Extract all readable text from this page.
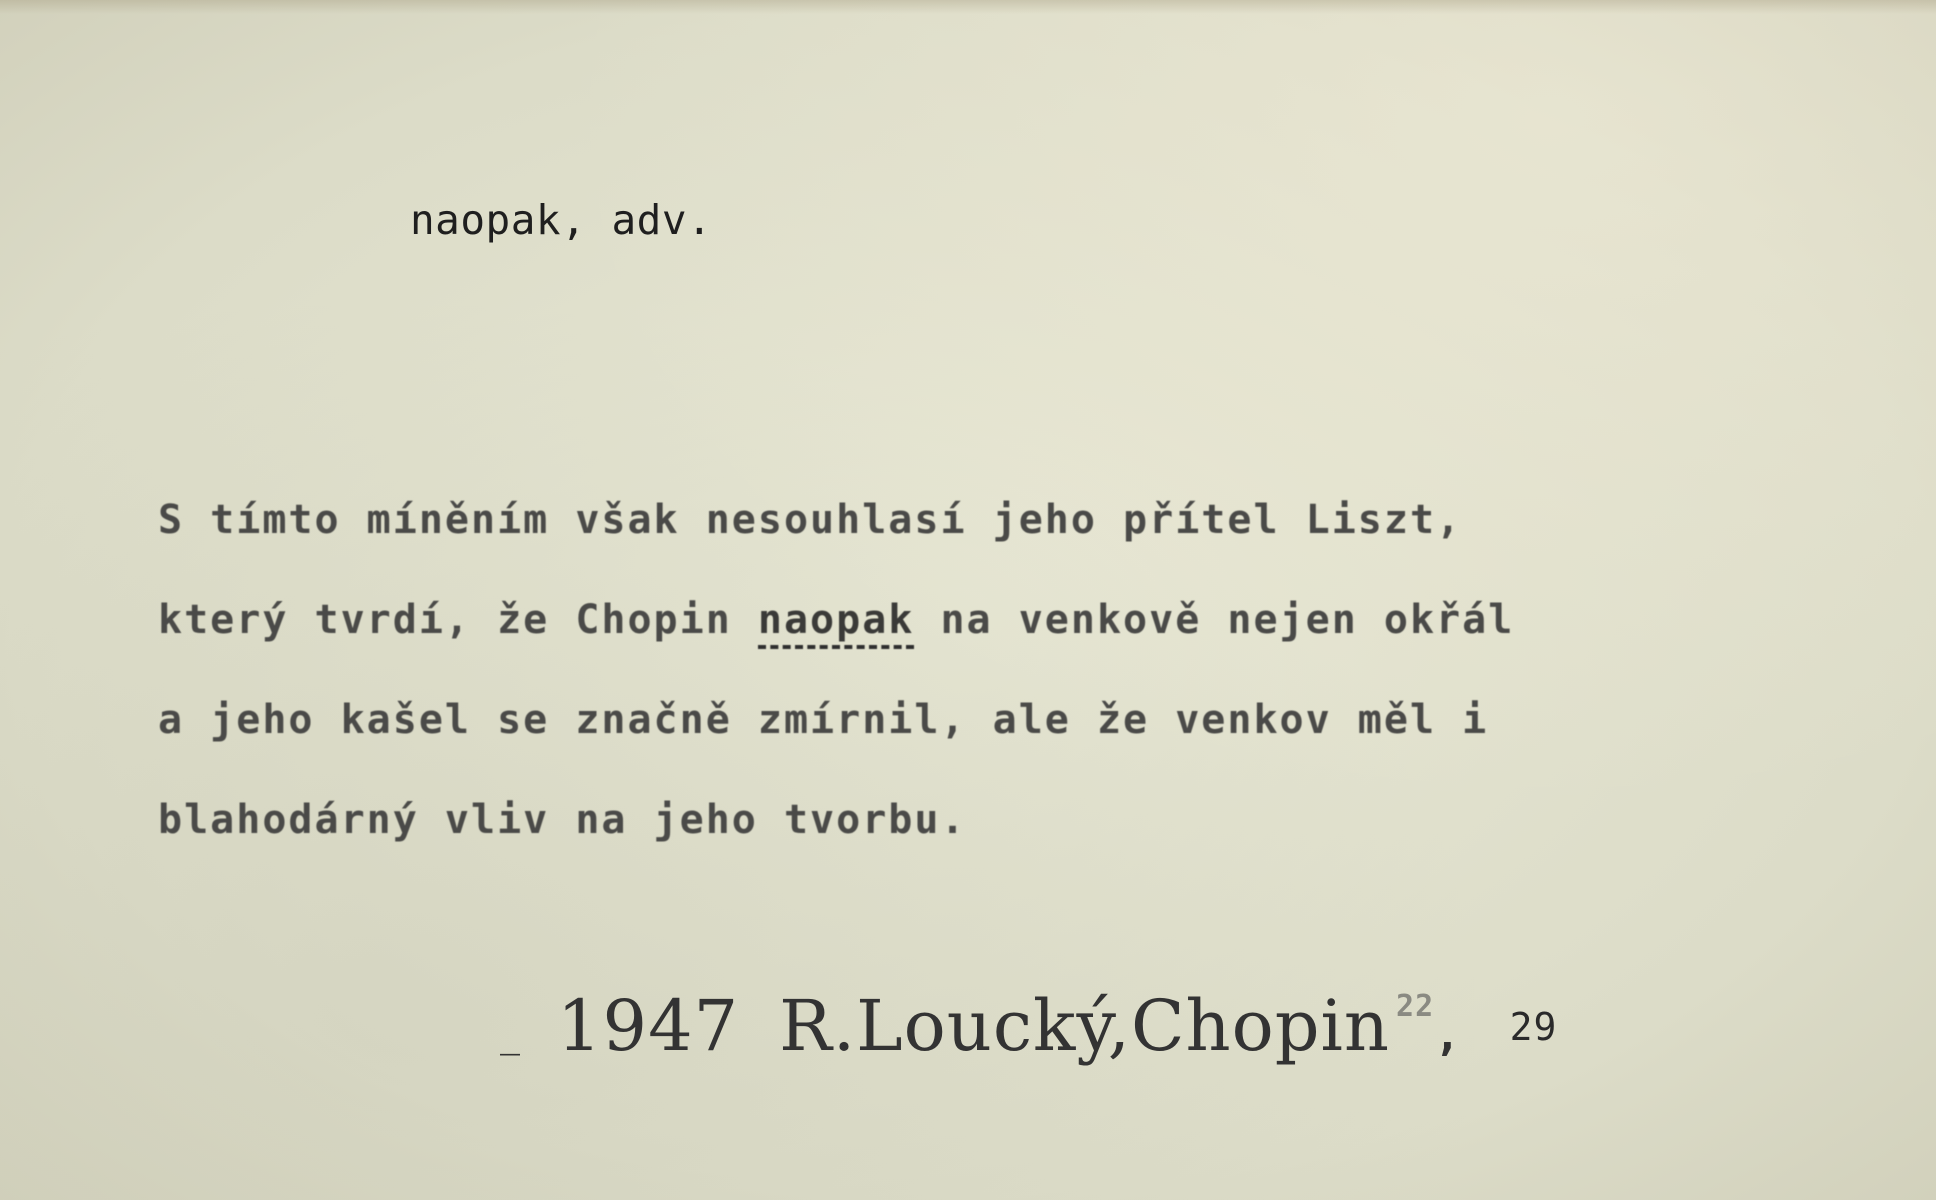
naopak, adv.
S tímto míněním však nesouhlasí jeho přítel Liszt,
který tvrdí, že Chopin naopak na venkově nejen okřál
a jeho kašel se značně zmírnil, ale že venkov měl i
blahodárný vliv na jeho tvorbu.
_ 1947 R.Loucký,Chopin $^{22}$, 29
